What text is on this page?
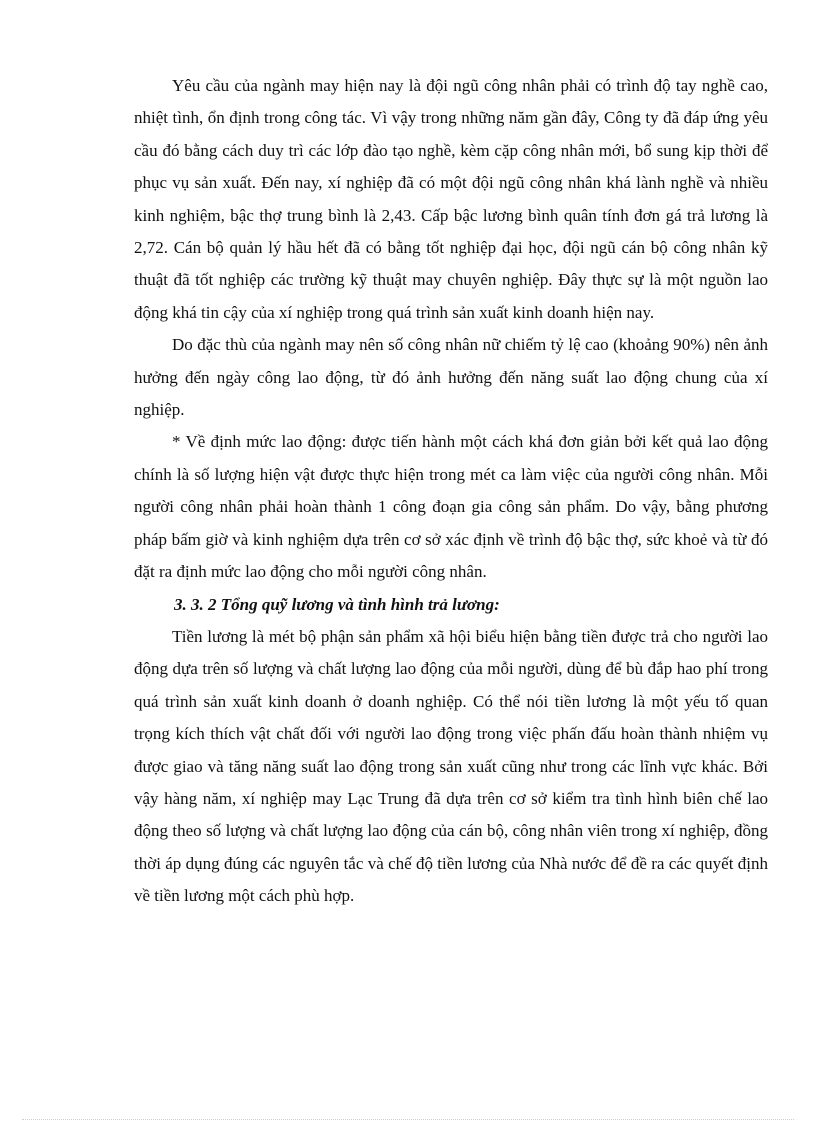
Yêu cầu của ngành may hiện nay là đội ngũ công nhân phải có trình độ tay nghề cao, nhiệt tình, ổn định trong công tác. Vì vậy trong những năm gần đây, Công ty đã đáp ứng yêu cầu đó bằng cách duy trì các lớp đào tạo nghề, kèm cặp công nhân mới, bổ sung kịp thời để phục vụ sản xuất. Đến nay, xí nghiệp đã có một đội ngũ công nhân khá lành nghề và nhiều kinh nghiệm, bậc thợ trung bình là 2,43. Cấp bậc lương bình quân tính đơn gá trả lương là 2,72. Cán bộ quản lý hầu hết đã có bằng tốt nghiệp đại học, đội ngũ cán bộ công nhân kỹ thuật đã tốt nghiệp các trường kỹ thuật may chuyên nghiệp. Đây thực sự là một nguồn lao động khá tin cậy của xí nghiệp trong quá trình sản xuất kinh doanh hiện nay.

Do đặc thù của ngành may nên số công nhân nữ chiếm tỷ lệ cao (khoảng 90%) nên ảnh hưởng đến ngày công lao động, từ đó ảnh hưởng đến năng suất lao động chung của xí nghiệp.

* Về định mức lao động: được tiến hành một cách khá đơn giản bởi kết quả lao động chính là số lượng hiện vật được thực hiện trong mét ca làm việc của người công nhân. Mỗi người công nhân phải hoàn thành 1 công đoạn gia công sản phẩm. Do vậy, bằng phương pháp bấm giờ và kinh nghiệm dựa trên cơ sở xác định về trình độ bậc thợ, sức khoẻ và từ đó đặt ra định mức lao động cho mỗi người công nhân.

3. 3. 2 Tổng quỹ lương và tình hình trả lương:

Tiền lương là mét bộ phận sản phẩm xã hội biểu hiện bằng tiền được trả cho người lao động dựa trên số lượng và chất lượng lao động của mỗi người, dùng để bù đắp hao phí trong quá trình sản xuất kinh doanh ở doanh nghiệp. Có thể nói tiền lương là một yếu tố quan trọng kích thích vật chất đối với người lao động trong việc phấn đấu hoàn thành nhiệm vụ được giao và tăng năng suất lao động trong sản xuất cũng như trong các lĩnh vực khác. Bởi vậy hàng năm, xí nghiệp may Lạc Trung đã dựa trên cơ sở kiểm tra tình hình biên chế lao động theo số lượng và chất lượng lao động của cán bộ, công nhân viên trong xí nghiệp, đồng thời áp dụng đúng các nguyên tắc và chế độ tiền lương của Nhà nước để đề ra các quyết định về tiền lương một cách phù hợp.
